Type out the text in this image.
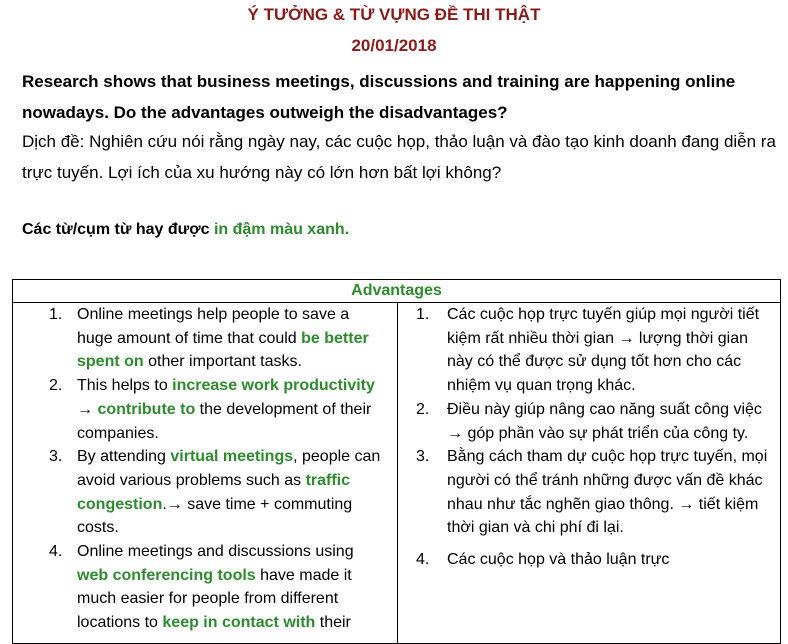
Ý TƯỞNG & TỪ VỰNG ĐỀ THI THẬT
20/01/2018
Research shows that business meetings, discussions and training are happening online nowadays. Do the advantages outweigh the disadvantages?
Dịch đề: Nghiên cứu nói rằng ngày nay, các cuộc họp, thảo luận và đào tạo kinh doanh đang diễn ra trực tuyến. Lợi ích của xu hướng này có lớn hơn bất lợi không?
Các từ/cụm từ hay được in đậm màu xanh.
Advantages

1. Online meetings help people to save a huge amount of time that could be better spent on other important tasks.
2. This helps to increase work productivity → contribute to the development of their companies.
3. By attending virtual meetings, people can avoid various problems such as traffic congestion.→ save time + commuting costs.
4. Online meetings and discussions using web conferencing tools have made it much easier for people from different locations to keep in contact with their

1. Các cuộc họp trực tuyến giúp mọi người tiết kiệm rất nhiều thời gian → lượng thời gian này có thể được sử dụng tốt hơn cho các nhiệm vụ quan trọng khác.
2. Điều này giúp nâng cao năng suất công việc → góp phần vào sự phát triển của công ty.
3. Bằng cách tham dự cuộc họp trực tuyến, mọi người có thể tránh những được vấn đề khác nhau như tắc nghẽn giao thông. → tiết kiệm thời gian và chi phí đi lại.
4. Các cuộc họp và thảo luận trực
